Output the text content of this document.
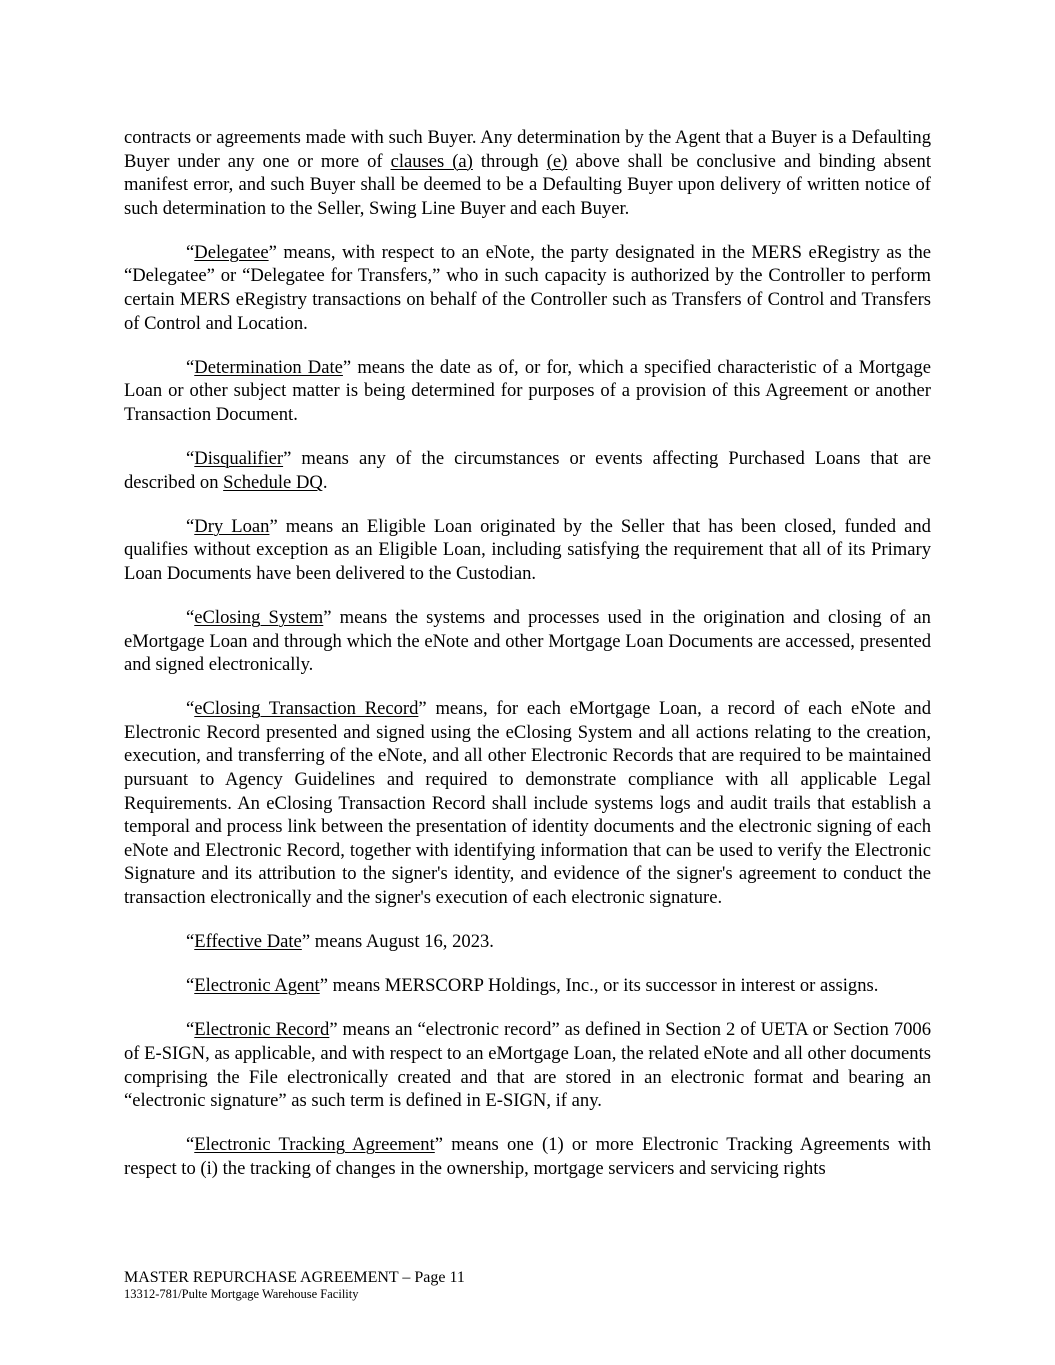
contracts or agreements made with such Buyer. Any determination by the Agent that a Buyer is a Defaulting Buyer under any one or more of clauses (a) through (e) above shall be conclusive and binding absent manifest error, and such Buyer shall be deemed to be a Defaulting Buyer upon delivery of written notice of such determination to the Seller, Swing Line Buyer and each Buyer.

“Delegatee” means, with respect to an eNote, the party designated in the MERS eRegistry as the “Delegatee” or “Delegatee for Transfers,” who in such capacity is authorized by the Controller to perform certain MERS eRegistry transactions on behalf of the Controller such as Transfers of Control and Transfers of Control and Location.

“Determination Date” means the date as of, or for, which a specified characteristic of a Mortgage Loan or other subject matter is being determined for purposes of a provision of this Agreement or another Transaction Document.

“Disqualifier” means any of the circumstances or events affecting Purchased Loans that are described on Schedule DQ.

“Dry Loan” means an Eligible Loan originated by the Seller that has been closed, funded and qualifies without exception as an Eligible Loan, including satisfying the requirement that all of its Primary Loan Documents have been delivered to the Custodian.

“eClosing System” means the systems and processes used in the origination and closing of an eMortgage Loan and through which the eNote and other Mortgage Loan Documents are accessed, presented and signed electronically.

“eClosing Transaction Record” means, for each eMortgage Loan, a record of each eNote and Electronic Record presented and signed using the eClosing System and all actions relating to the creation, execution, and transferring of the eNote, and all other Electronic Records that are required to be maintained pursuant to Agency Guidelines and required to demonstrate compliance with all applicable Legal Requirements. An eClosing Transaction Record shall include systems logs and audit trails that establish a temporal and process link between the presentation of identity documents and the electronic signing of each eNote and Electronic Record, together with identifying information that can be used to verify the Electronic Signature and its attribution to the signer's identity, and evidence of the signer's agreement to conduct the transaction electronically and the signer's execution of each electronic signature.

“Effective Date” means August 16, 2023.

“Electronic Agent” means MERSCORP Holdings, Inc., or its successor in interest or assigns.

“Electronic Record” means an “electronic record” as defined in Section 2 of UETA or Section 7006 of E-SIGN, as applicable, and with respect to an eMortgage Loan, the related eNote and all other documents comprising the File electronically created and that are stored in an electronic format and bearing an “electronic signature” as such term is defined in E-SIGN, if any.

“Electronic Tracking Agreement” means one (1) or more Electronic Tracking Agreements with respect to (i) the tracking of changes in the ownership, mortgage servicers and servicing rights

MASTER REPURCHASE AGREEMENT – Page 11
13312-781/Pulte Mortgage Warehouse Facility
